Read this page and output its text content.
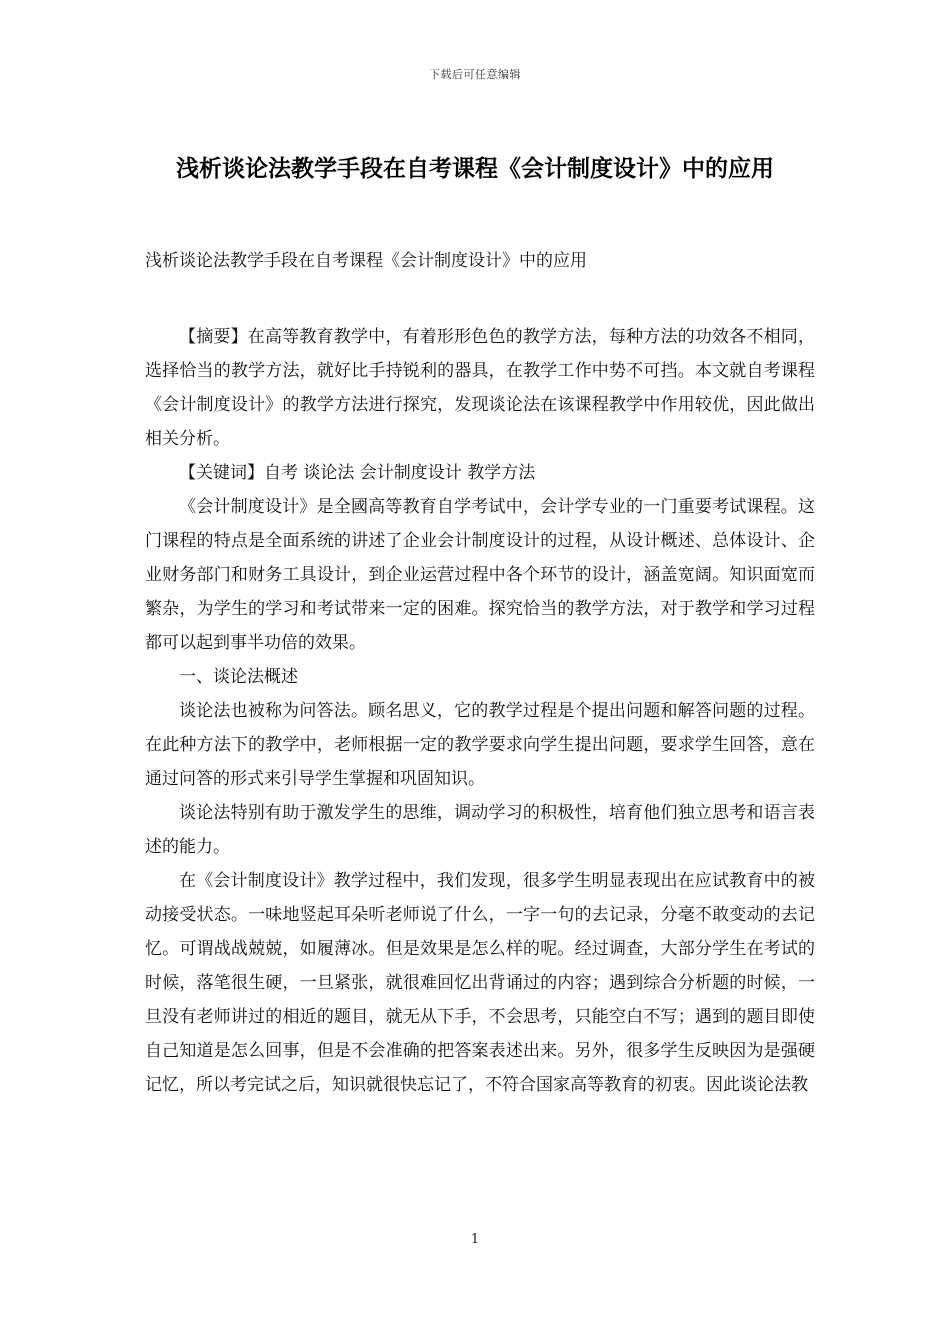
下载后可任意编辑
浅析谈论法教学手段在自考课程《会计制度设计》中的应用

浅析谈论法教学手段在自考课程《会计制度设计》中的应用

【摘要】在高等教育教学中，有着形形色色的教学方法，每种方法的功效各不相同，选择恰当的教学方法，就好比手持锐利的器具，在教学工作中势不可挡。本文就自考课程《会计制度设计》的教学方法进行探究，发现谈论法在该课程教学中作用较优，因此做出相关分析。

【关键词】自考 谈论法 会计制度设计 教学方法

《会计制度设计》是全國高等教育自学考试中，会计学专业的一门重要考试课程。这门课程的特点是全面系统的讲述了企业会计制度设计的过程，从设计概述、总体设计、企业财务部门和财务工具设计，到企业运营过程中各个环节的设计，涵盖宽阔。知识面宽而繁杂，为学生的学习和考试带来一定的困难。探究恰当的教学方法，对于教学和学习过程都可以起到事半功倍的效果。

一、谈论法概述

谈论法也被称为问答法。顾名思义，它的教学过程是个提出问题和解答问题的过程。在此种方法下的教学中，老师根据一定的教学要求向学生提出问题，要求学生回答，意在通过问答的形式来引导学生掌握和巩固知识。

谈论法特别有助于激发学生的思维，调动学习的积极性，培育他们独立思考和语言表述的能力。

在《会计制度设计》教学过程中，我们发现，很多学生明显表现出在应试教育中的被动接受状态。一味地竖起耳朵听老师说了什么，一字一句的去记录，分毫不敢变动的去记忆。可谓战战兢兢，如履薄冰。但是效果是怎么样的呢。经过调查，大部分学生在考试的时候，落笔很生硬，一旦紧张，就很难回忆出背诵过的内容；遇到综合分析题的时候，一旦没有老师讲过的相近的题目，就无从下手，不会思考，只能空白不写；遇到的题目即使自己知道是怎么回事，但是不会准确的把答案表述出来。另外，很多学生反映因为是强硬记忆，所以考完试之后，知识就很快忘记了，不符合国家高等教育的初衷。因此谈论法教

1
